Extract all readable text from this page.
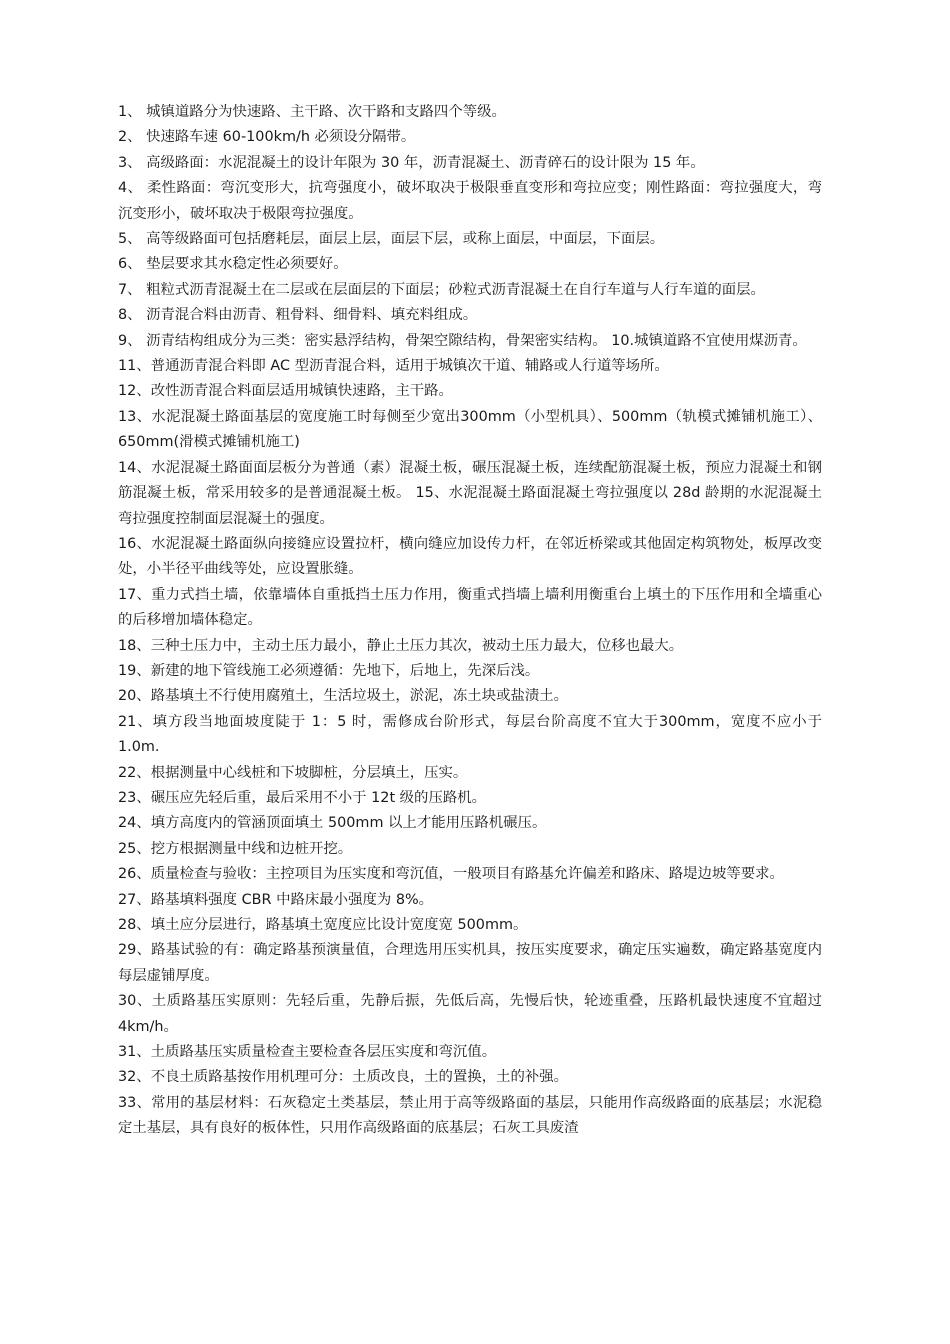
1、 城镇道路分为快速路、主干路、次干路和支路四个等级。

2、 快速路车速 60-100km/h 必须设分隔带。

3、 高级路面：水泥混凝土的设计年限为 30 年，沥青混凝土、沥青碎石的设计限为 15 年。

4、 柔性路面：弯沉变形大，抗弯强度小，破坏取决于极限垂直变形和弯拉应变；刚性路面：弯拉强度大，弯沉变形小，破坏取决于极限弯拉强度。

5、 高等级路面可包括磨耗层，面层上层，面层下层，或称上面层，中面层，下面层。

6、 垫层要求其水稳定性必须要好。

7、 粗粒式沥青混凝土在二层或在层面层的下面层；砂粒式沥青混凝土在自行车道与人行车道的面层。

8、 沥青混合料由沥青、粗骨料、细骨料、填充料组成。

9、 沥青结构组成分为三类：密实悬浮结构，骨架空隙结构，骨架密实结构。 10.城镇道路不宜使用煤沥青。

11、普通沥青混合料即 AC 型沥青混合料，适用于城镇次干道、辅路或人行道等场所。

12、改性沥青混合料面层适用城镇快速路，主干路。

13、水泥混凝土路面基层的宽度施工时每侧至少宽出300mm（小型机具）、500mm（轨模式摊铺机施工）、650mm(滑模式摊铺机施工)

14、水泥混凝土路面面层板分为普通（素）混凝土板，碾压混凝土板，连续配筋混凝土板，预应力混凝土和钢筋混凝土板，常采用较多的是普通混凝土板。 15、水泥混凝土路面混凝土弯拉强度以 28d 龄期的水泥混凝土弯拉强度控制面层混凝土的强度。

16、水泥混凝土路面纵向接缝应设置拉杆，横向缝应加设传力杆，在邻近桥梁或其他固定构筑物处，板厚改变处，小半径平曲线等处，应设置胀缝。

17、重力式挡土墙，依靠墙体自重抵挡土压力作用，衡重式挡墙上墙利用衡重台上填土的下压作用和全墙重心的后移增加墙体稳定。

18、三种土压力中，主动土压力最小，静止土压力其次，被动土压力最大，位移也最大。

19、新建的地下管线施工必须遵循：先地下，后地上，先深后浅。

20、路基填土不行使用腐殖土，生活垃圾土，淤泥，冻土块或盐渍土。

21、填方段当地面坡度陡于 1：5 时，需修成台阶形式，每层台阶高度不宜大于300mm，宽度不应小于 1.0m.

22、根据测量中心线桩和下坡脚桩，分层填土，压实。

23、碾压应先轻后重，最后采用不小于 12t 级的压路机。

24、填方高度内的管涵顶面填土 500mm 以上才能用压路机碾压。

25、挖方根据测量中线和边桩开挖。

26、质量检查与验收：主控项目为压实度和弯沉值，一般项目有路基允许偏差和路床、路堤边坡等要求。

27、路基填料强度 CBR 中路床最小强度为 8%。

28、填土应分层进行，路基填土宽度应比设计宽度宽 500mm。

29、路基试验的有：确定路基预演量值，合理选用压实机具，按压实度要求，确定压实遍数，确定路基宽度内每层虚铺厚度。

30、土质路基压实原则：先轻后重，先静后振，先低后高，先慢后快，轮迹重叠，压路机最快速度不宜超过 4km/h。

31、土质路基压实质量检查主要检查各层压实度和弯沉值。

32、不良土质路基按作用机理可分：土质改良，土的置换，土的补强。

33、常用的基层材料：石灰稳定土类基层，禁止用于高等级路面的基层，只能用作高级路面的底基层；水泥稳定土基层，具有良好的板体性，只用作高级路面的底基层；石灰工具废渣
